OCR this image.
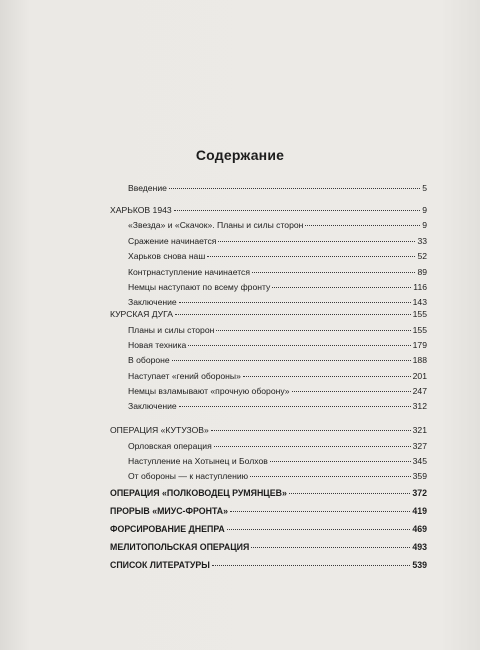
Содержание
Введение	5
ХАРЬКОВ 1943	9
«Звезда» и «Скачок». Планы и силы сторон	9
Сражение начинается	33
Харьков снова наш	52
Контрнаступление начинается	89
Немцы наступают по всему фронту	116
Заключение	143
КУРСКАЯ ДУГА	155
Планы и силы сторон	155
Новая техника	179
В обороне	188
Наступает «гений обороны»	201
Немцы взламывают «прочную оборону»	247
Заключение	312
ОПЕРАЦИЯ «КУТУЗОВ»	321
Орловская операция	327
Наступление на Хотынец и Болхов	345
От обороны — к наступлению	359
ОПЕРАЦИЯ «ПОЛКОВОДЕЦ РУМЯНЦЕВ»	372
ПРОРЫВ «МИУС-ФРОНТА»	419
ФОРСИРОВАНИЕ ДНЕПРА	469
МЕЛИТОПОЛЬСКАЯ ОПЕРАЦИЯ	493
СПИСОК ЛИТЕРАТУРЫ	539
